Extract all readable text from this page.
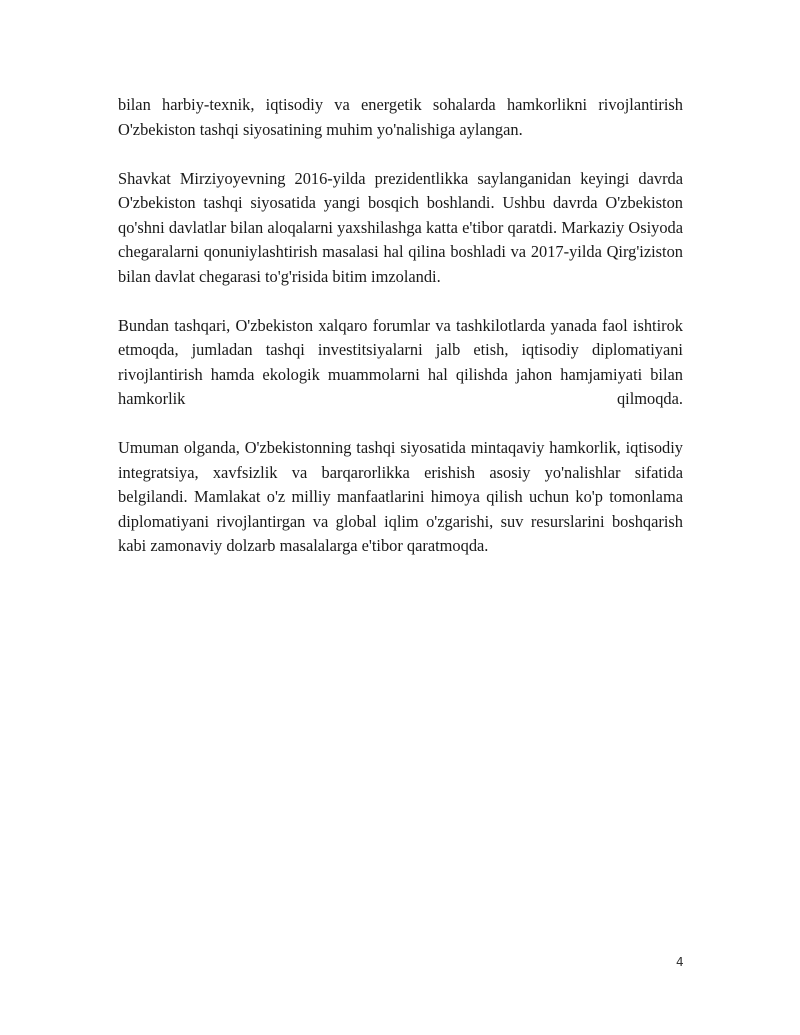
bilan harbiy-texnik, iqtisodiy va energetik sohalarda hamkorlikni rivojlantirish O'zbekiston tashqi siyosatining muhim yo'nalishiga aylangan.

Shavkat Mirziyoyevning 2016-yilda prezidentlikka saylanganidan keyingi davrda O'zbekiston tashqi siyosatida yangi bosqich boshlandi. Ushbu davrda O'zbekiston qo'shni davlatlar bilan aloqalarni yaxshilashga katta e'tibor qaratdi. Markaziy Osiyoda chegaralarni qonuniylashtirish masalasi hal qilina boshladi va 2017-yilda Qirg'iziston bilan davlat chegarasi to'g'risida bitim imzolandi.

Bundan tashqari, O'zbekiston xalqaro forumlar va tashkilotlarda yanada faol ishtirok etmoqda, jumladan tashqi investitsiyalarni jalb etish, iqtisodiy diplomatiyani rivojlantirish hamda ekologik muammolarni hal qilishda jahon hamjamiyati bilan hamkorlik qilmoqda.

Umuman olganda, O'zbekistonning tashqi siyosatida mintaqaviy hamkorlik, iqtisodiy integratsiya, xavfsizlik va barqarorlikka erishish asosiy yo'nalishlar sifatida belgilandi. Mamlakat o'z milliy manfaatlarini himoya qilish uchun ko'p tomonlama diplomatiyani rivojlantirgan va global iqlim o'zgarishi, suv resurslarini boshqarish kabi zamonaviy dolzarb masalalarga e'tibor qaratmoqda.

4
